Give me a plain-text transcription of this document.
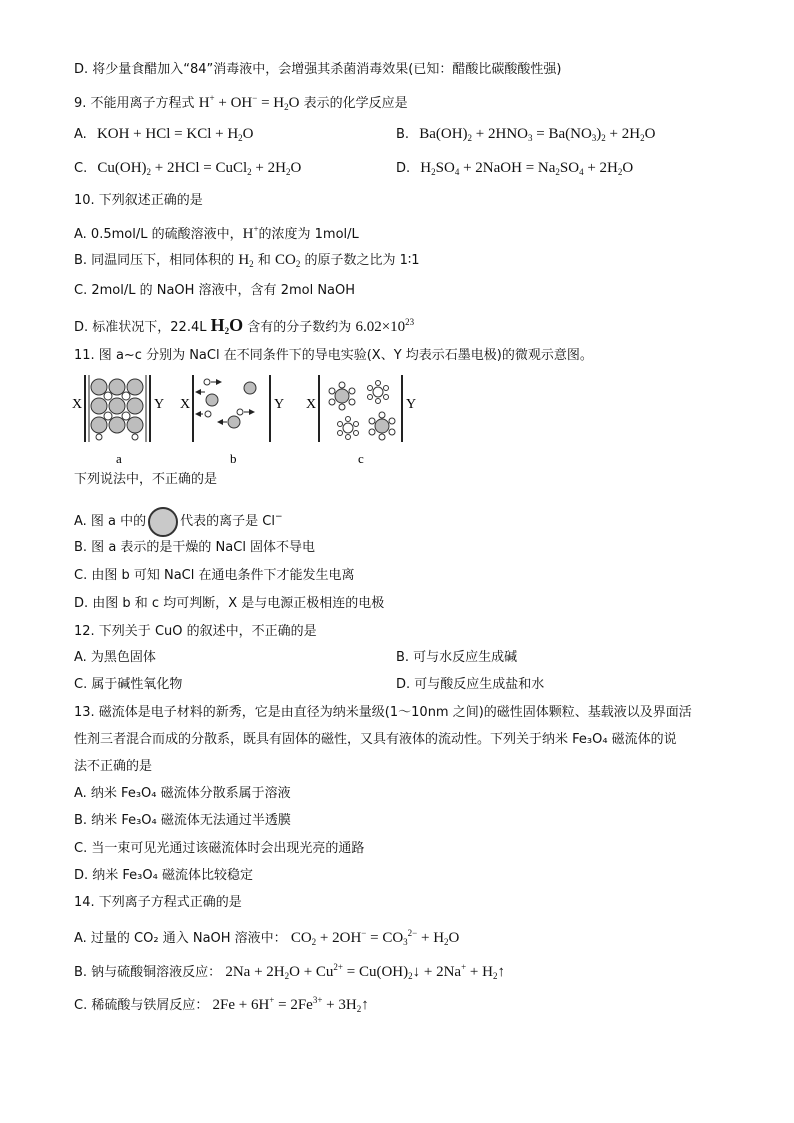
D. 将少量食醋加入“84”消毒液中，会增强其杀菌消毒效果(已知：醋酸比碳酸酸性强)
9. 不能用离子方程式 $H^+ + OH^- = H_2O$ 表示的化学反应是
A. KOH + HCl = KCl + $H_2O$	B. $Ba(OH)_2 + 2HNO_3 = Ba(NO_3)_2 + 2H_2O$
C. $Cu(OH)_2 + 2HCl$ = CuCl$_2$ + $2H_2O$	D. $H_2SO_4$ + 2NaOH = $Na_2SO_4 + 2H_2O$
10. 下列叙述正确的是
A. 0.5mol/L 的硫酸溶液中，H+的浓度为 1mol/L
B. 同温同压下，相同体积的 $H_2$ 和 $CO_2$ 的原子数之比为 1∶1
C. 2mol/L 的 NaOH 溶液中，含有 2mol NaOH
D. 标准状况下，22.4L $H_2O$ 含有的分子数约为 $6.02\times 10^{23}$
11. 图 a~c 分别为 NaCl 在不同条件下的导电实验(X、Y 均表示石墨电极)的微观示意图。
X	Y
a
X	Y
b
X	Y
c
下列说法中，不正确的是
A. 图 a 中的	代表的离子是 Cl−
B. 图 a 表示的是干燥的 NaCl 固体不导电
C. 由图 b 可知 NaCl 在通电条件下才能发生电离
D. 由图 b 和 c 均可判断，X 是与电源正极相连的电极
12. 下列关于 CuO 的叙述中，不正确的是
A. 为黑色固体	B. 可与水反应生成碱
C. 属于碱性氧化物	D. 可与酸反应生成盐和水
13. 磁流体是电子材料的新秀，它是由直径为纳米量级(1～10nm 之间)的磁性固体颗粒、基载液以及界面活
性剂三者混合而成的分散系，既具有固体的磁性，又具有液体的流动性。下列关于纳米 Fe₃O₄ 磁流体的说
法不正确的是
A. 纳米 Fe₃O₄ 磁流体分散系属于溶液
B. 纳米 Fe₃O₄ 磁流体无法通过半透膜
C. 当一束可见光通过该磁流体时会出现光亮的通路
D. 纳米 Fe₃O₄ 磁流体比较稳定
14. 下列离子方程式正确的是
A. 过量的 CO₂ 通入 NaOH 溶液中： $CO_2 + 2OH^- = CO_3^{2-} + H_2O$
B. 钠与硫酸铜溶液反应： $2Na + 2H_2O + Cu^{2+}$ = $Cu(OH)_2↓ + 2Na^+$ + $H_2↑$
C. 稀硫酸与铁屑反应： $2Fe + 6H^+ = 2Fe^{3+}$ + $3H_2↑$
